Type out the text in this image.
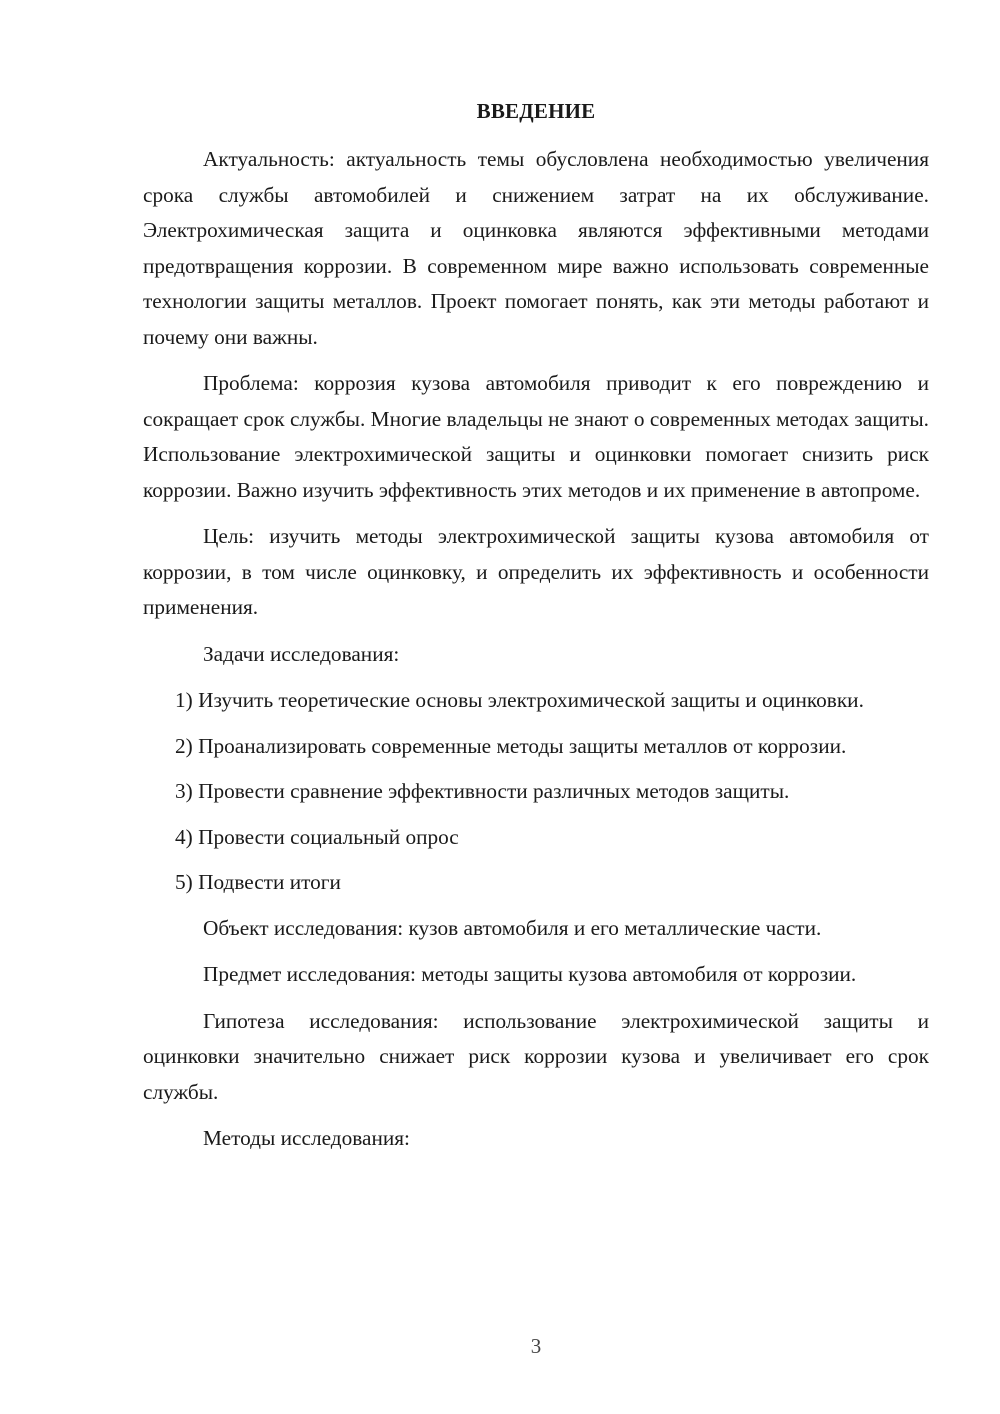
ВВЕДЕНИЕ

Актуальность: актуальность темы обусловлена необходимостью увеличения срока службы автомобилей и снижением затрат на их обслуживание. Электрохимическая защита и оцинковка являются эффективными методами предотвращения коррозии. В современном мире важно использовать современные технологии защиты металлов. Проект помогает понять, как эти методы работают и почему они важны.

Проблема: коррозия кузова автомобиля приводит к его повреждению и сокращает срок службы. Многие владельцы не знают о современных методах защиты. Использование электрохимической защиты и оцинковки помогает снизить риск коррозии. Важно изучить эффективность этих методов и их применение в автопроме.

Цель: изучить методы электрохимической защиты кузова автомобиля от коррозии, в том числе оцинковку, и определить их эффективность и особенности применения.

Задачи исследования:

1) Изучить теоретические основы электрохимической защиты и оцинковки.

2) Проанализировать современные методы защиты металлов от коррозии.

3) Провести сравнение эффективности различных методов защиты.

4) Провести социальный опрос

5) Подвести итоги

Объект исследования: кузов автомобиля и его металлические части.

Предмет исследования: методы защиты кузова автомобиля от коррозии.

Гипотеза исследования: использование электрохимической защиты и оцинковки значительно снижает риск коррозии кузова и увеличивает его срок службы.

Методы исследования:

3
